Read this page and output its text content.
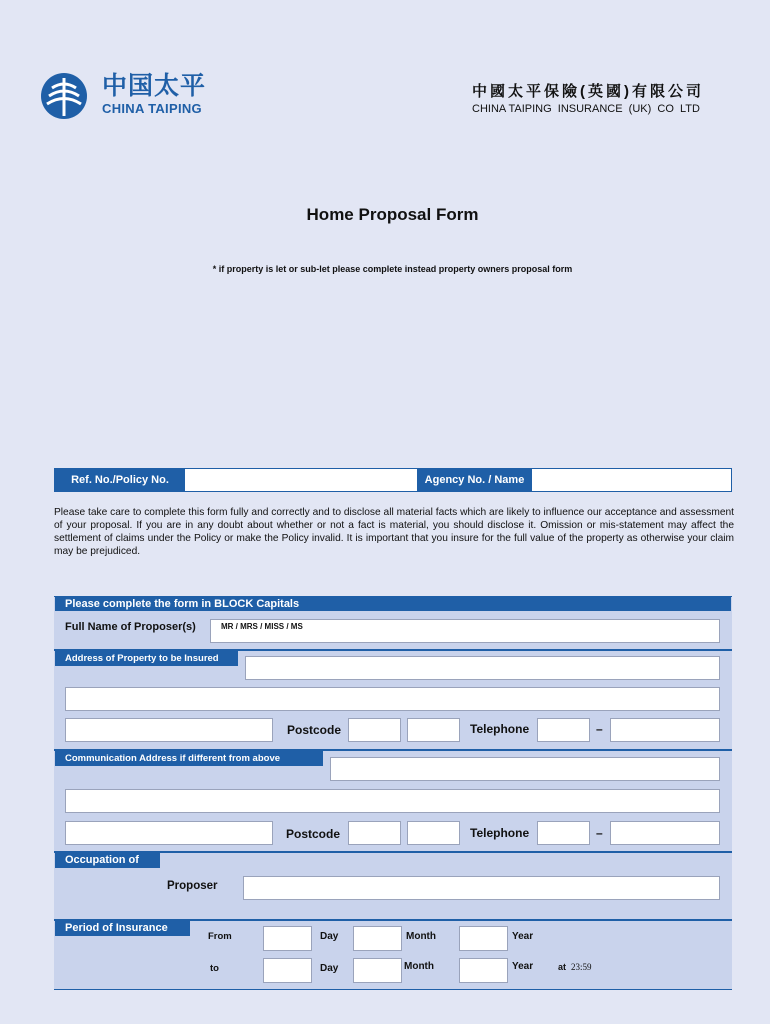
中国太平
CHINA TAIPING
中國太平保險(英國)有限公司
CHINA TAIPING  INSURANCE  (UK)  CO  LTD
Home Proposal Form
* if property is let or sub-let please complete instead property owners proposal form
Ref. No./Policy No.	Agency No. / Name
Please take care to complete this form fully and correctly and to disclose all material facts which are likely to influence our acceptance and assessment of your proposal. If you are in any doubt about whether or not a fact is material, you should disclose it. Omission or mis-statement may affect the settlement of claims under the Policy or make the Policy invalid. It is important that you insure for the full value of the property as otherwise your claim may be prejudiced.
Please complete the form in BLOCK Capitals
Full Name of Proposer(s)	MR / MRS / MISS / MS
Address of Property to be Insured
Postcode	Telephone	–
Communication Address if different from above
Postcode	Telephone	–
Occupation of
Proposer
Period of Insurance
From	Day	Month	Year
to	Day	Month	Year	at 23:59
